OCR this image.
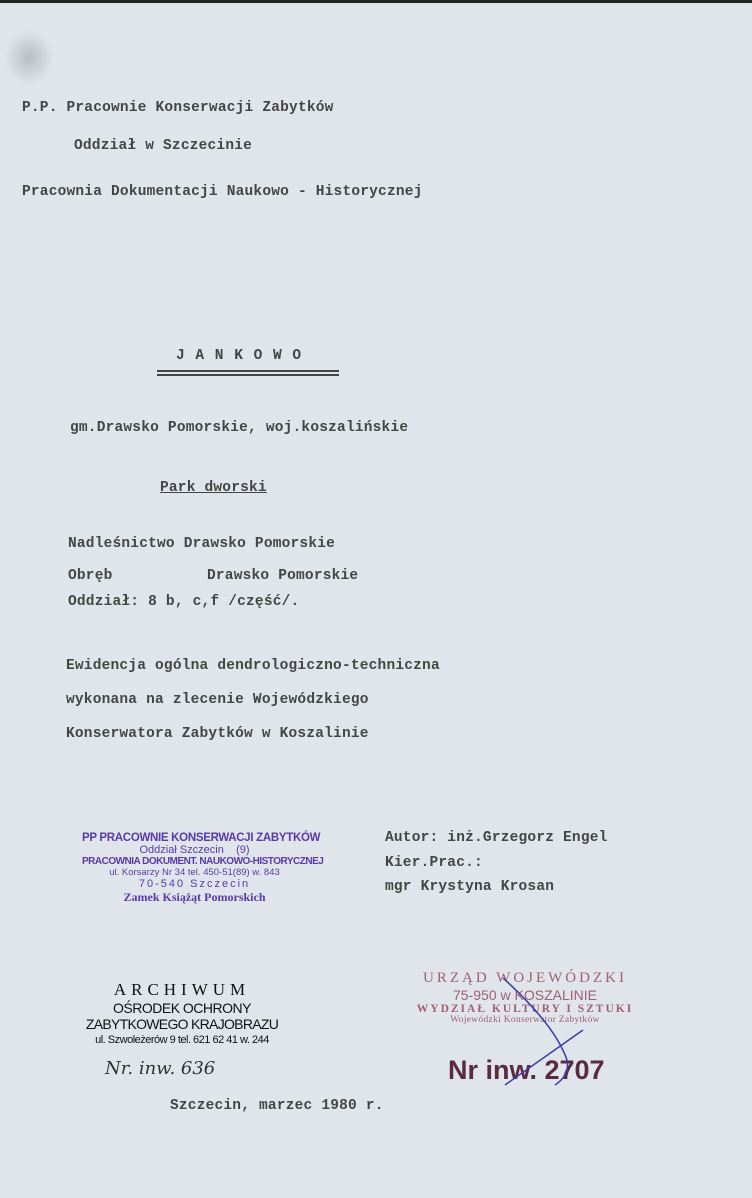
P.P. Pracownie Konserwacji Zabytków
Oddział w Szczecinie
Pracownia Dokumentacji Naukowo - Historycznej
J A N K O W O
gm.Drawsko Pomorskie, woj.koszalińskie
Park dworski
Nadleśnictwo Drawsko Pomorskie
Obręb	Drawsko Pomorskie
Oddział: 8 b, c,f /część/.
Ewidencja ogólna dendrologiczno-techniczna
wykonana na zlecenie Wojewódzkiego
Konserwatora Zabytków w Koszalinie
Autor: inż.Grzegorz Engel
Kier.Prac.:
mgr Krystyna Krosan
PP PRACOWNIE KONSERWACJI ZABYTKÓW
Oddział Szczecin (9)
PRACOWNIA DOKUMENT. NAUKOWO-HISTORYCZNEJ
ul. Korsarzy Nr 34 tel. 450-51(89) w. 843
70-540 Szczecin
Zamek Książąt Pomorskich
ARCHIWUM
OŚRODEK OCHRONY
ZABYTKOWEGO KRAJOBRAZU
ul. Szwoleżerów 9 tel. 621 62 41 w. 244
Nr. inw. 636
URZĄD WOJEWÓDZKI
75-950 w KOSZALINIE
WYDZIAŁ KULTURY I SZTUKI
Wojewódzki Konserwator Zabytków
Nr inw. 2707
Szczecin, marzec 1980 r.
